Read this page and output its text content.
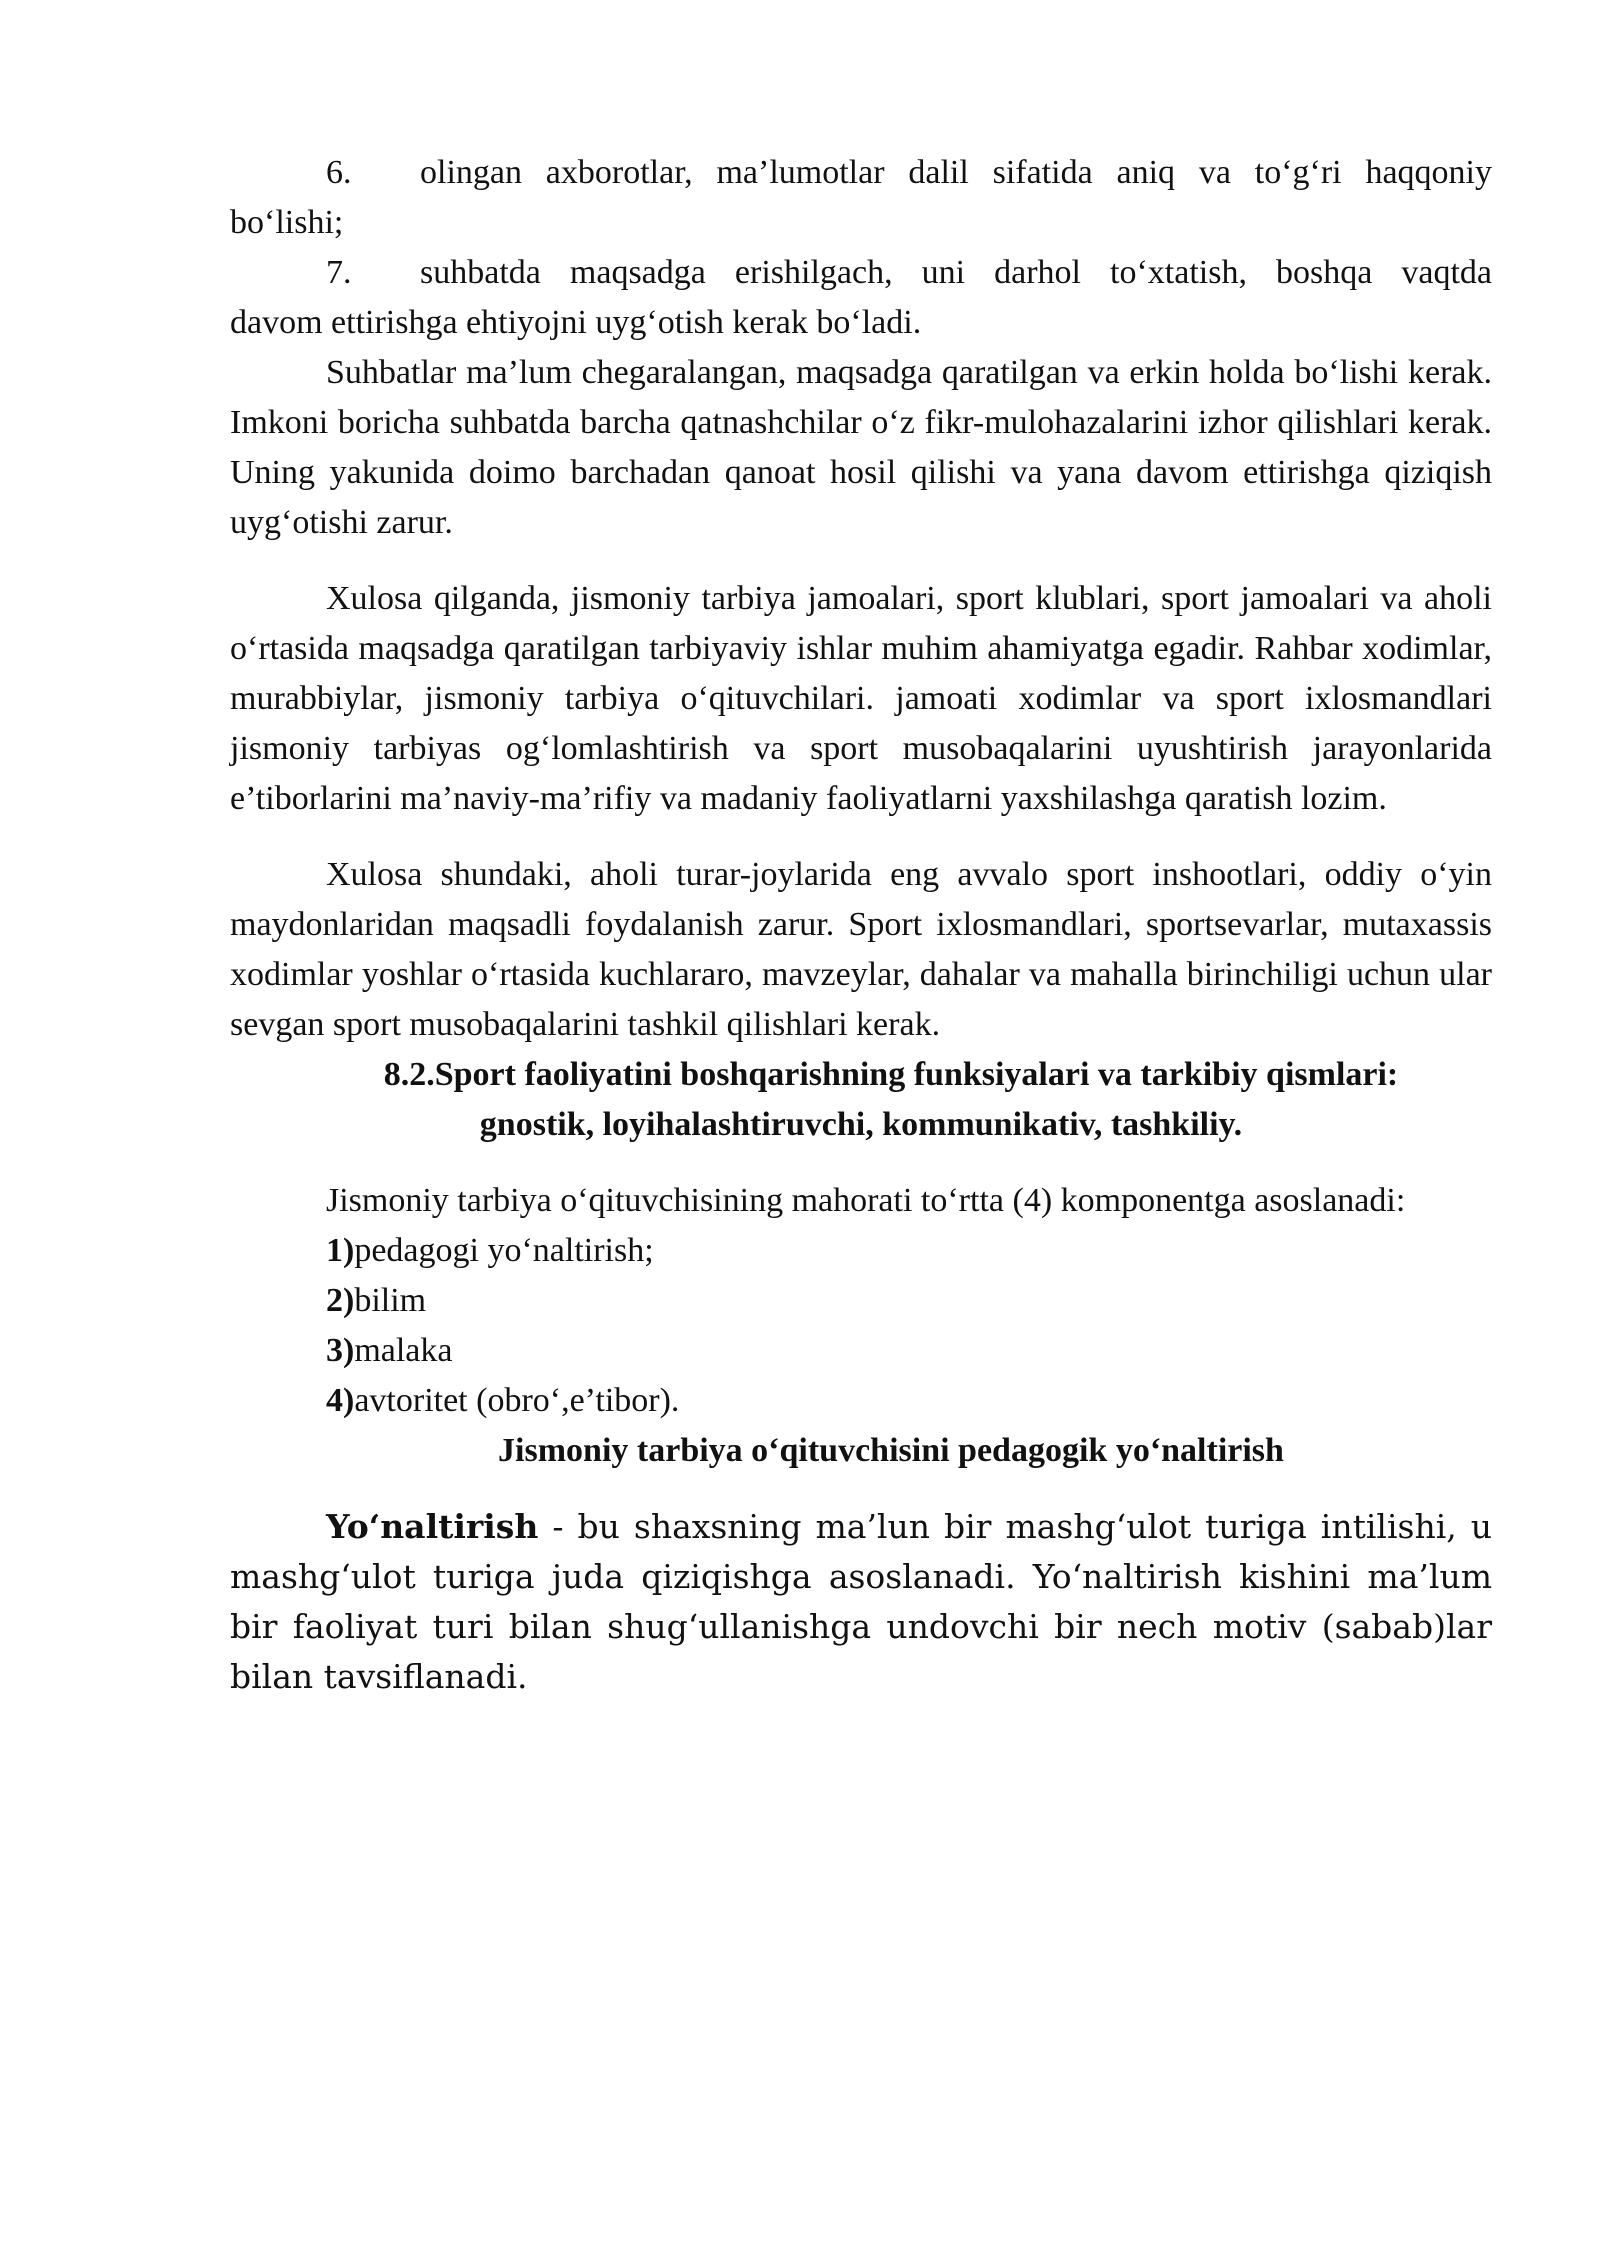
6.	olingan axborotlar, ma’lumotlar dalil sifatida aniq va to‘g‘ri haqqoniy

bo‘lishi;

7.	suhbatda maqsadga erishilgach, uni darhol to‘xtatish, boshqa vaqtda

davom ettirishga ehtiyojni uyg‘otish kerak bo‘ladi.

Suhbatlar ma’lum chegaralangan, maqsadga qaratilgan va erkin holda bo‘lishi kerak. Imkoni boricha suhbatda barcha qatnashchilar o‘z fikr-mulohazalarini izhor qilishlari kerak. Uning yakunida doimo barchadan qanoat hosil qilishi va yana davom ettirishga qiziqish uyg‘otishi zarur.

Xulosa qilganda, jismoniy tarbiya jamoalari, sport klublari, sport jamoalari va aholi o‘rtasida maqsadga qaratilgan tarbiyaviy ishlar muhim ahamiyatga egadir. Rahbar xodimlar, murabbiylar, jismoniy tarbiya o‘qituvchilari. jamoati xodimlar va sport ixlosmandlari jismoniy tarbiyas og‘lomlashtirish va sport musobaqalarini uyushtirish jarayonlarida e’tiborlarini ma’naviy-ma’rifiy va madaniy faoliyatlarni yaxshilashga qaratish lozim.

Xulosa shundaki, aholi turar-joylarida eng avvalo sport inshootlari, oddiy o‘yin maydonlaridan maqsadli foydalanish zarur. Sport ixlosmandlari, sportsevarlar, mutaxassis xodimlar yoshlar o‘rtasida kuchlararo, mavzeylar, dahalar va mahalla birinchiligi uchun ular sevgan sport musobaqalarini tashkil qilishlari kerak.

8.2.Sport faoliyatini boshqarishning funksiyalari va tarkibiy qismlari:
gnostik, loyihalashtiruvchi, kommunikativ, tashkiliy.

Jismoniy tarbiya o‘qituvchisining mahorati to‘rtta (4) komponentga asoslanadi:

1)pedagogi yo‘naltirish;

2)bilim

3)malaka

4)avtoritet (obro‘,e’tibor).

Jismoniy tarbiya o‘qituvchisini pedagogik yo‘naltirish

Yo‘naltirish - bu shaxsning ma’lun bir mashg‘ulot turiga intilishi, u mashg‘ulot turiga juda qiziqishga asoslanadi. Yo‘naltirish kishini ma’lum bir faoliyat turi bilan shug‘ullanishga undovchi bir nech motiv (sabab)lar bilan tavsiflanadi.
